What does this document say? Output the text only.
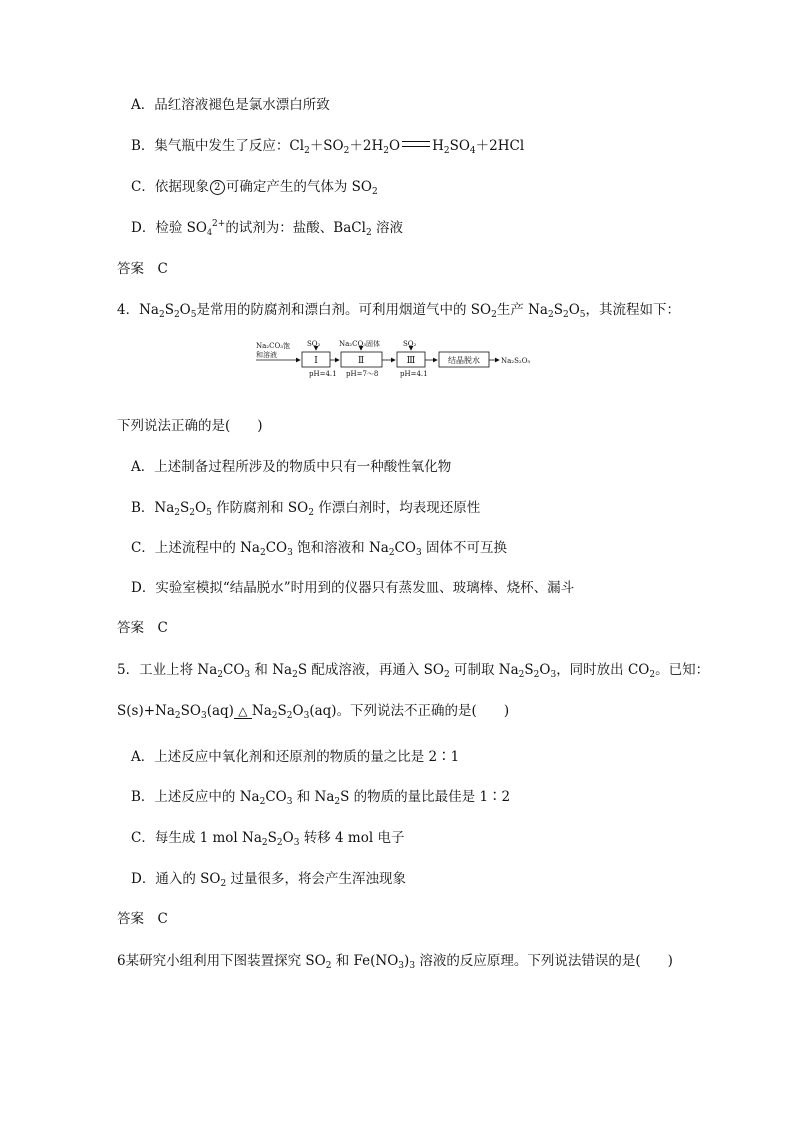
A．品红溶液褪色是氯水漂白所致
B．集气瓶中发生了反应：$Cl_2+SO_2+2H_2O$ $H_2SO_4+2HCl$
C．依据现象 2 可确定产生的气体为 $SO_2$
D．检验 $SO_4^{2+}$的试剂为：盐酸、BaCl$_2$ 溶液
答案　C
4．$Na_2S_2O_5$是常用的防腐剂和漂白剂。可利用烟道气中的 $SO_2$生产 $Na_2S_2O_5$，其流程如下：
Na₂CO₃饱
和溶液
Ⅰ
SO₂
pH=4.1
Ⅱ
Na₂CO₃固体
pH=7～8
Ⅲ
SO₂
pH=4.1
结晶脱水	Na₂S₂O₅
下列说法正确的是(　　)
A．上述制备过程所涉及的物质中只有一种酸性氧化物
B．$Na_2S_2O_5$ 作防腐剂和 $SO_2$ 作漂白剂时，均表现还原性
C．上述流程中的 $Na_2CO_3$ 饱和溶液和 $Na_2CO_3$ 固体不可互换
D．实验室模拟“结晶脱水”时用到的仪器只有蒸发皿、玻璃棒、烧杯、漏斗
答案　C
5．工业上将 $Na_2CO_3$ 和 $Na_2S$ 配成溶液，再通入 $SO_2$ 可制取 $Na_2S_2O_3$，同时放出 $CO_2$。已知：
$S(s)+Na_2SO_3(aq)$ △ $Na_2S_2O_3(aq)$。下列说法不正确的是(　　)
A．上述反应中氧化剂和还原剂的物质的量之比是 2∶1
B．上述反应中的 $Na_2CO_3$ 和 $Na_2S$ 的物质的量比最佳是 1∶2
C．每生成 1 mol $Na_2S_2O_3$ 转移 4 mol 电子
D．通入的 $SO_2$ 过量很多，将会产生浑浊现象
答案　C
6某研究小组利用下图装置探究 $SO_2$ 和 $Fe(NO_3)_3$ 溶液的反应原理。下列说法错误的是(　　)
